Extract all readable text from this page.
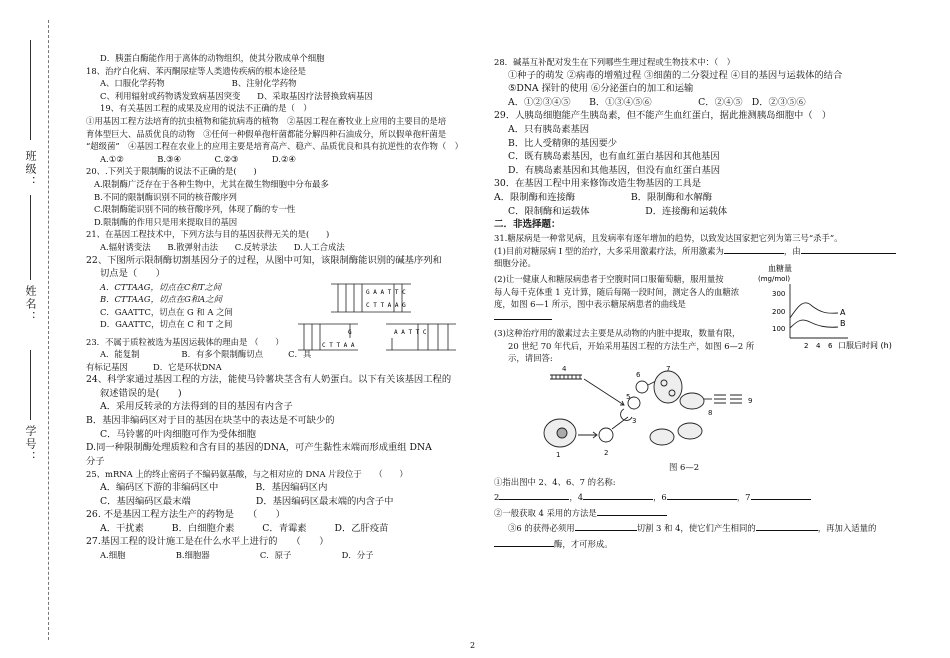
班级：
姓名：
学号：
D．胰蛋白酶能作用于离体的动物组织，使其分散成单个细胞
18、治疗白化病、苯丙酮尿症等人类遗传疾病的根本途径是
A、口服化学药物　　　　　　　　B、注射化学药物
C、利用辐射或药物诱发致病基因突变　　D、采取基因疗法替换致病基因
19、有关基因工程的成果及应用的说法不正确的是（　）
①用基因工程方法培育的抗虫植物和能抗病毒的植物　②基因工程在畜牧业上应用的主要目的是培
育体型巨大、品质优良的动物　③任何一种假单孢杆菌都能分解四种石油成分，所以假单孢杆菌是
“超级菌”　④基因工程在农业上的应用主要是培育高产、稳产、品质优良和具有抗逆性的农作物（　）
A.①②　　　　B.③④　　　　C.②③　　　　D.②④
20、.下列关于限制酶的说法不正确的是(　　)
A.限制酶广泛存在于各种生物中，尤其在微生物细胞中分布最多
B.不同的限制酶识别不同的核苷酸序列
C.限制酶能识别不同的核苷酸序列，体现了酶的专一性
D.限制酶的作用只是用来提取目的基因
21、在基因工程技术中，下列方法与目的基因获得无关的是(　　)
A.辐射诱变法　　B.散弹射击法　　C.反转录法　　D.人工合成法
22、下图所示限制酶切割基因分子的过程，从图中可知，该限制酶能识别的碱基序列和
切点是（　　）
A．CTTAAG，切点在C和T之间
B．CTTAAG，切点在G和A之间
C．GAATTC，切点在 G 和 A 之间
D．GAATTC，切点在 C 和 T 之间
G A A T T C
C T T A A G
C T T A A
G	A A T T C
23．不属于质粒被选为基因运载体的理由是 （　　）
A．能复制　　　　　B．有多个限制酶切点　　　C．具
有标记基因　　　D．它是环状DNA
24、科学家通过基因工程的方法，能使马铃薯块茎含有人奶蛋白。以下有关该基因工程的
叙述错误的是(　　)
A．采用反转录的方法得到的目的基因有内含子
B．基因非编码区对于目的基因在块茎中的表达是不可缺少的
C．马铃薯的叶肉细胞可作为受体细胞
D.同一种限制酶处理质粒和含有目的基因的DNA，可产生黏性末端而形成重组 DNA
分子
25、mRNA 上的终止密码子不编码氨基酸，与之相对应的 DNA 片段位于　　（　　）
A．编码区下游的非编码区中　　　　B．基因编码区内
C．基因编码区最末端　　　　　　　D．基因编码区最末端的内含子中
26. 不是基因工程方法生产的药物是　　（　　）
A．干扰素　　　B．白细胞介素　　　C．青霉素　　　D．乙肝疫苗
27.基因工程的设计施工是在什么水平上进行的　　（　　）
A.细胞　　　　　　B.细胞器　　　　　　C．原子　　　　　　D．分子
28．碱基互补配对发生在下列哪些生理过程或生物技术中：（　）
①种子的萌发 ②病毒的增殖过程 ③细菌的二分裂过程 ④目的基因与运载体的结合
⑤DNA 探针的使用 ⑥分泌蛋白的加工和运输
A．①②③④⑤　　B．①③④⑤⑥　　　　　C．②④⑤　D．②③⑤⑥
29．人胰岛细胞能产生胰岛素，但不能产生血红蛋白，据此推测胰岛细胞中（　）
A．只有胰岛素基因
B．比人受精卵的基因要少
C．既有胰岛素基因，也有血红蛋白基因和其他基因
D．有胰岛素基因和其他基因，但没有血红蛋白基因
30．在基因工程中用来修饰改造生物基因的工具是
A．限制酶和连接酶　　　　　　B．限制酶和水解酶
C．限制酶和运载体　　　　　　D．连接酶和运载体
二．非选择题：
31.糖尿病是一种常见病，且发病率有逐年增加的趋势，以致发达国家把它列为第三号“杀手”。
(1)目前对糖尿病 I 型的治疗，大多采用激素疗法，所用激素为	，由
细胞分泌。
(2)让一健康人和糖尿病患者于空腹时同口服葡萄糖，服用量按
每人每千克体重 1 克计算，随后每隔一段时间，测定各人的血糖浓
度，如图 6—1 所示，图中表示糖尿病患者的曲线是
(3)这种治疗用的激素过去主要是从动物的内脏中提取，数量有限，
20 世纪 70 年代后，开始采用基因工程的方法生产，如图 6—2 所
示，请回答:
4
1	2
3
5
6
7
8
9
图 6—2
①指出图中 2、4、6、7 的名称:
2	，4	，6	，7
②一般获取 4 采用的方法是
③6 的获得必须用	切割 3 和 4，使它们产生相同的	，再加入适量的
酶，才可形成。
血糖量
(mg/mol)
300
200
100
2 4 6 口服后时间 (h)
A
B
2
